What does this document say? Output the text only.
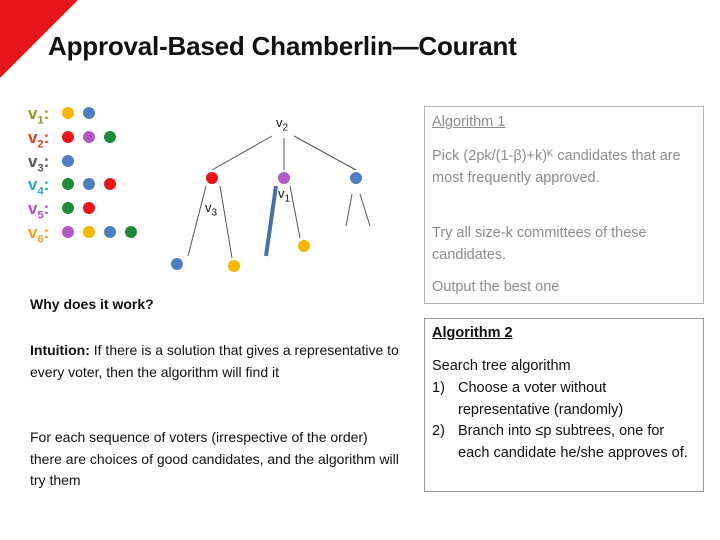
Approval-Based Chamberlin—Courant
$v_1$:
$v_2$:
$v_3$:
$v_4$:
$v_5$:
$v_6$:
$v_2$
$v_3$
$v_1$
Why does it work?
Intuition: If there is a solution that gives a representative to every voter, then the algorithm will find it
For each sequence of voters (irrespective of the order) there are choices of good candidates, and the algorithm will try them
Algorithm 1
Pick (2pk/(1-β)+k)ᴷ candidates that are most frequently approved.
Try all size-k committees of these candidates.
Output the best one
Algorithm 2
Search tree algorithm
1) Choose a voter without representative (randomly)
2) Branch into ≤p subtrees, one for each candidate he/she approves of.
